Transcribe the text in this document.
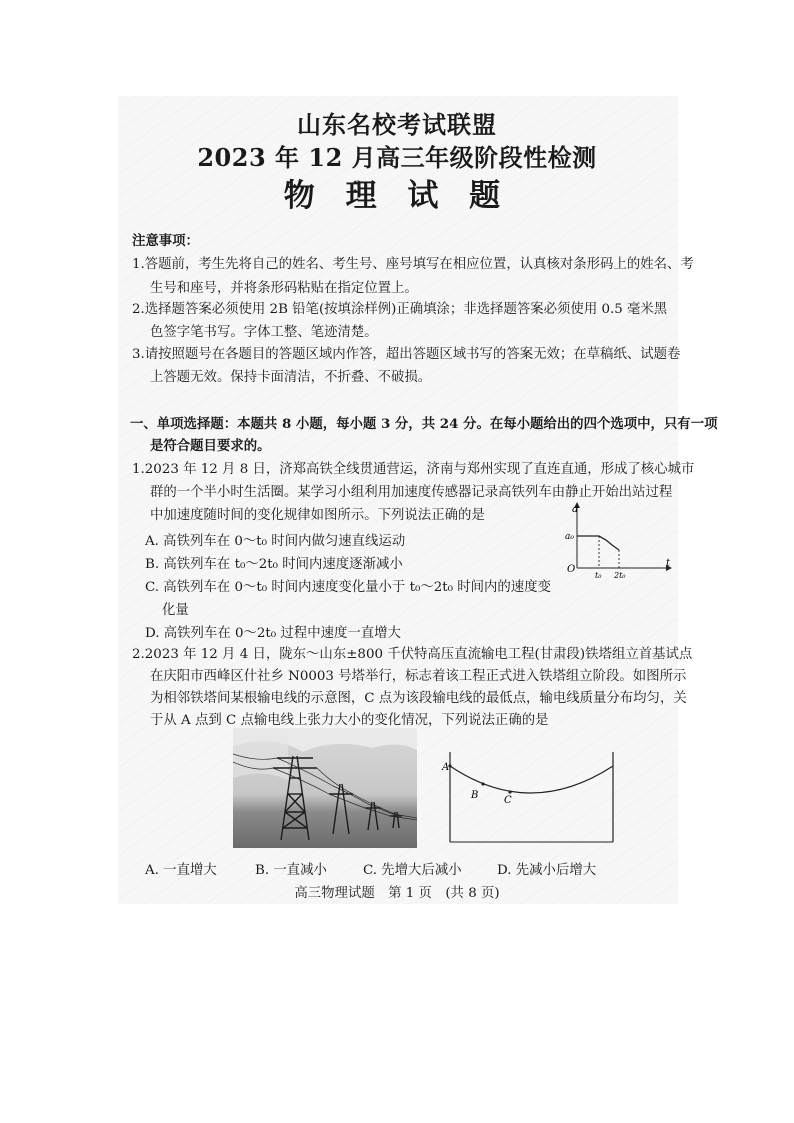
山东名校考试联盟
2023 年 12 月高三年级阶段性检测
物 理 试 题
注意事项：
1.答题前，考生先将自己的姓名、考生号、座号填写在相应位置，认真核对条形码上的姓名、考
生号和座号，并将条形码粘贴在指定位置上。
2.选择题答案必须使用 2B 铅笔(按填涂样例)正确填涂；非选择题答案必须使用 0.5 毫米黑
色签字笔书写。字体工整、笔迹清楚。
3.请按照题号在各题目的答题区域内作答，超出答题区域书写的答案无效；在草稿纸、试题卷
上答题无效。保持卡面清洁，不折叠、不破损。
一、单项选择题：本题共 8 小题，每小题 3 分，共 24 分。在每小题给出的四个选项中，只有一项
是符合题目要求的。
1.2023 年 12 月 8 日，济郑高铁全线贯通营运，济南与郑州实现了直连直通，形成了核心城市
群的一个半小时生活圈。某学习小组利用加速度传感器记录高铁列车由静止开始出站过程
中加速度随时间的变化规律如图所示。下列说法正确的是
A. 高铁列车在 0～t₀ 时间内做匀速直线运动
B. 高铁列车在 t₀～2t₀ 时间内速度逐渐减小
C. 高铁列车在 0～t₀ 时间内速度变化量小于 t₀～2t₀ 时间内的速度变
化量
D. 高铁列车在 0～2t₀ 过程中速度一直增大
a
t
O
a₀
t₀ 2t₀
2.2023 年 12 月 4 日，陇东～山东±800 千伏特高压直流输电工程(甘肃段)铁塔组立首基试点
在庆阳市西峰区什社乡 N0003 号塔举行，标志着该工程正式进入铁塔组立阶段。如图所示
为相邻铁塔间某根输电线的示意图，C 点为该段输电线的最低点，输电线质量分布均匀，关
于从 A 点到 C 点输电线上张力大小的变化情况，下列说法正确的是
A
B	C
A. 一直增大	B. 一直减小	C. 先增大后减小	D. 先减小后增大
高三物理试题　第 1 页　(共 8 页)
